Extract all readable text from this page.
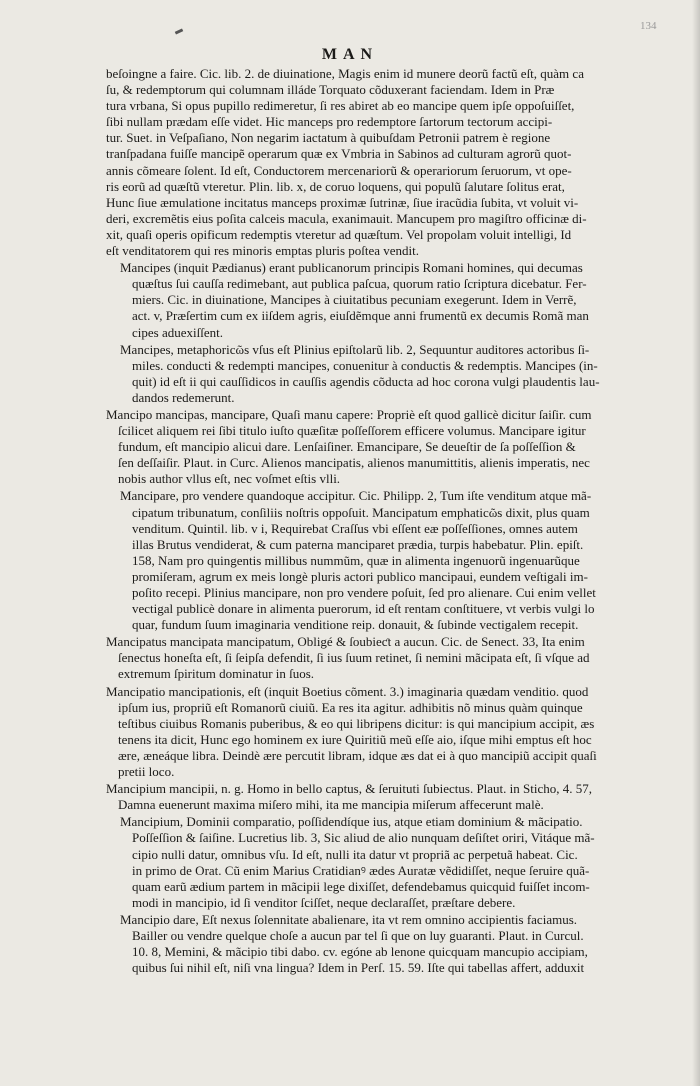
134
MAN
beſoingne a faire. Cic. lib. 2. de diuinatione, Magis enim id munere deorũ factũ eſt, quàm ca
ſu, & redemptorum qui columnam illáde Torquato cõduxerant faciendam. Idem in Præ
tura vrbana, Si opus pupillo redimeretur, ſi res abiret ab eo mancipe quem ipſe oppoſuiſſet,
ſibi nullam prædam eſſe videt. Hic manceps pro redemptore ſartorum tectorum accipi-
tur. Suet. in Veſpaſiano, Non negarim iactatum à quibuſdam Petronii patrem è regione
tranſpadana fuiſſe mancipẽ operarum quæ ex Vmbria in Sabinos ad culturam agrorũ quot-
annis cõmeare ſolent. Id eſt, Conductorem mercenariorũ & operariorum ſeruorum, vt ope-
ris eorũ ad quæſtũ vteretur. Plin. lib. x, de coruo loquens, qui populũ ſalutare ſolitus erat,
Hunc ſiue æmulatione incitatus manceps proximæ ſutrinæ, ſiue iracũdia ſubita, vt voluit vi-
deri, excremẽtis eius poſita calceis macula, exanimauit. Mancupem pro magiſtro officinæ di-
xit, quaſi operis opificum redemptis vteretur ad quæſtum. Vel propolam voluit intelligi, Id
eſt venditatorem qui res minoris emptas pluris poſtea vendit.
Mancipes (inquit Pædianus) erant publicanorum principis Romani homines, qui decumas
quæſtus ſui cauſſa redimebant, aut publica paſcua, quorum ratio ſcriptura dicebatur. Fer-
miers. Cic. in diuinatione, Mancipes à ciuitatibus pecuniam exegerunt. Idem in Verrẽ,
act. v, Præſertim cum ex iiſdem agris, eiuſdẽmque anni frumentũ ex decumis Romã man
cipes aduexiſſent.
Mancipes, metaphoricῶs vſus eſt Plinius epiſtolarũ lib. 2, Sequuntur auditores actoribus ſi-
miles. conducti & redempti mancipes, conuenitur à conductis & redemptis. Mancipes (in-
quit) id eſt ii qui cauſſidicos in cauſſis agendis cõducta ad hoc corona vulgi plaudentis lau-
dandos redemerunt.
Mancipo mancipas, mancipare, Quaſi manu capere: Propriè eſt quod gallicè dicitur ſaiſir. cum
ſcilicet aliquem rei ſibi titulo iuſto quæſitæ poſſeſſorem efficere volumus. Mancipare igitur
fundum, eſt mancipio alicui dare. Lenſaiſiner. Emancipare, Se deueſtir de ſa poſſeſſion &
ſen deſſaiſir. Plaut. in Curc. Alienos mancipatis, alienos manumittitis, alienis imperatis, nec
nobis author vllus eſt, nec voſmet eſtis vlli.
Mancipare, pro vendere quandoque accipitur. Cic. Philipp. 2, Tum iſte venditum atque mã-
cipatum tribunatum, conſiliis noſtris oppoſuit. Mancipatum emphaticῶs dixit, plus quam
venditum. Quintil. lib. v i, Requirebat Craſſus vbi eſſent eæ poſſeſſiones, omnes autem
illas Brutus vendiderat, & cum paterna manciparet prædia, turpis habebatur. Plin. epiſt.
158, Nam pro quingentis millibus nummũm, quæ in alimenta ingenuorũ ingenuarũque
promiſeram, agrum ex meis longè pluris actori publico mancipaui, eundem veſtigali im-
poſito recepi. Plinius mancipare, non pro vendere poſuit, ſed pro alienare. Cui enim vellet
vectigal publicè donare in alimenta puerorum, id eſt rentam conſtituere, vt verbis vulgi lo
quar, fundum ſuum imaginaria venditione reip. donauit, & ſubinde vectigalem recepit.
Mancipatus mancipata mancipatum, Obligé & ſoubieƈt a aucun. Cic. de Senect. 33, Ita enim
ſenectus honeſta eſt, ſi ſeipſa defendit, ſi ius ſuum retinet, ſi nemini mãcipata eſt, ſi vſque ad
extremum ſpiritum dominatur in ſuos.
Mancipatio mancipationis, eſt (inquit Boetius cõment. 3.) imaginaria quædam venditio. quod
ipſum ius, propriũ eſt Romanorũ ciuiũ. Ea res ita agitur. adhibitis nõ minus quàm quinque
teſtibus ciuibus Romanis puberibus, & eo qui libripens dicitur: is qui mancipium accipit, æs
tenens ita dicit, Hunc ego hominem ex iure Quiritiũ meũ eſſe aio, iſque mihi emptus eſt hoc
ære, æneáque libra. Deindè ære percutit libram, idque æs dat ei à quo mancipiũ accipit quaſi
pretii loco.
Mancipium mancipii, n. g. Homo in bello captus, & ſeruituti ſubiectus. Plaut. in Sticho, 4. 57,
Damna euenerunt maxima miſero mihi, ita me mancipia miſerum affecerunt malè.
Mancipium, Dominii comparatio, poſſidendíque ius, atque etiam dominium & mãcipatio.
Poſſeſſion & ſaiſine. Lucretius lib. 3, Sic aliud de alio nunquam deſiſtet oriri, Vitáque mã-
cipio nulli datur, omnibus vſu. Id eſt, nulli ita datur vt propriã ac perpetuã habeat. Cic.
in primo de Orat. Cũ enim Marius Cratidianꝰ ædes Auratæ vẽdidiſſet, neque ſeruire quã-
quam earũ ædium partem in mãcipii lege dixiſſet, defendebamus quicquid fuiſſet incom-
modi in mancipio, id ſi venditor ſciſſet, neque declaraſſet, præſtare debere.
Mancipio dare, Eſt nexus ſolennitate abalienare, ita vt rem omnino accipientis faciamus.
Bailler ou vendre quelque choſe a aucun par tel ſi que on luy guaranti. Plaut. in Curcul.
10. 8, Memini, & mãcipio tibi dabo. cv. egóne ab lenone quicquam mancupio accipiam,
quibus ſui nihil eſt, niſi vna lingua? Idem in Perſ. 15. 59. Iſte qui tabellas affert, adduxit
